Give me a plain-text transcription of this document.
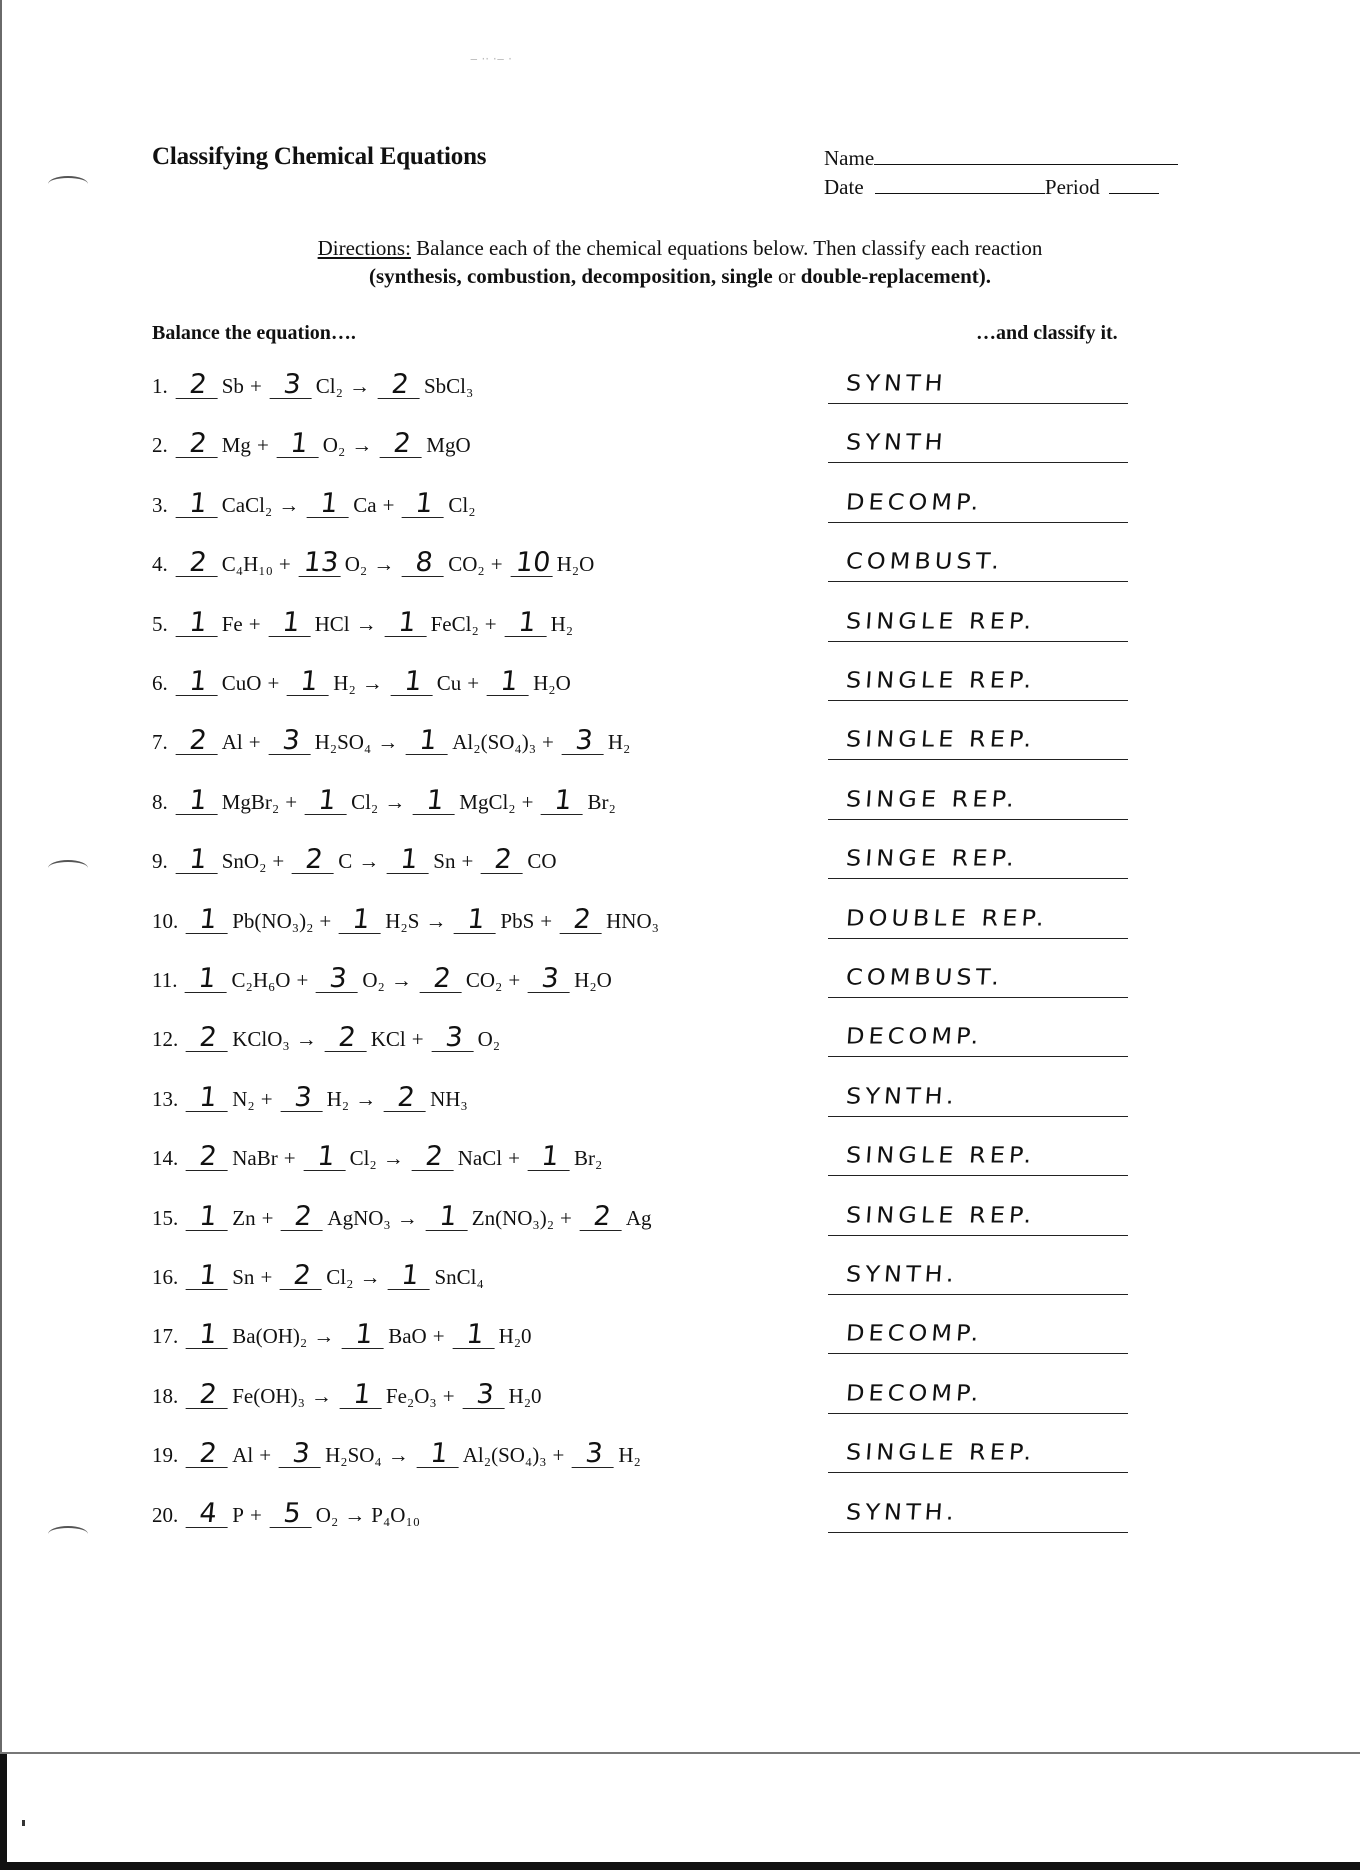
‒ ·· ·‒ ·
Classifying Chemical Equations	Name
Date	Period
Directions: Balance each of the chemical equations below. Then classify each reaction
(synthesis, combustion, decomposition, single or double-replacement).
Balance the equation….	…and classify it.
1. 2 Sb + 3 Cl₂ → 2 SbCl₃	SYNTH
2. 2 Mg + 1 O₂ → 2 MgO	SYNTH
3. 1 CaCl₂ → 1 Ca + 1 Cl₂	DECOMP.
4. 2 C₄H₁₀ + 13 O₂ → 8 CO₂ + 10 H₂O	COMBUST.
5. 1 Fe + 1 HCl → 1 FeCl₂ + 1 H₂	SINGLE REP.
6. 1 CuO + 1 H₂ → 1 Cu + 1 H₂O	SINGLE REP.
7. 2 Al + 3 H₂SO₄ → 1 Al₂(SO₄)₃ + 3 H₂	SINGLE REP.
8. 1 MgBr₂ + 1 Cl₂ → 1 MgCl₂ + 1 Br₂	SINGE REP.
9. 1 SnO₂ + 2 C → 1 Sn + 2 CO	SINGE REP.
10. 1 Pb(NO₃)₂ + 1 H₂S → 1 PbS + 2 HNO₃	DOUBLE REP.
11. 1 C₂H₆O + 3 O₂ → 2 CO₂ + 3 H₂O	COMBUST.
12. 2 KClO₃ → 2 KCl + 3 O₂	DECOMP.
13. 1 N₂ + 3 H₂ → 2 NH₃	SYNTH.
14. 2 NaBr + 1 Cl₂ → 2 NaCl + 1 Br₂	SINGLE REP.
15. 1 Zn + 2 AgNO₃ → 1 Zn(NO₃)₂ + 2 Ag	SINGLE REP.
16. 1 Sn + 2 Cl₂ → 1 SnCl₄	SYNTH.
17. 1 Ba(OH)₂ → 1 BaO + 1 H₂0	DECOMP.
18. 2 Fe(OH)₃ → 1 Fe₂O₃ + 3 H₂0	DECOMP.
19. 2 Al + 3 H₂SO₄ → 1 Al₂(SO₄)₃ + 3 H₂	SINGLE REP.
20. 4 P + 5 O₂ → P₄O₁₀	SYNTH.
